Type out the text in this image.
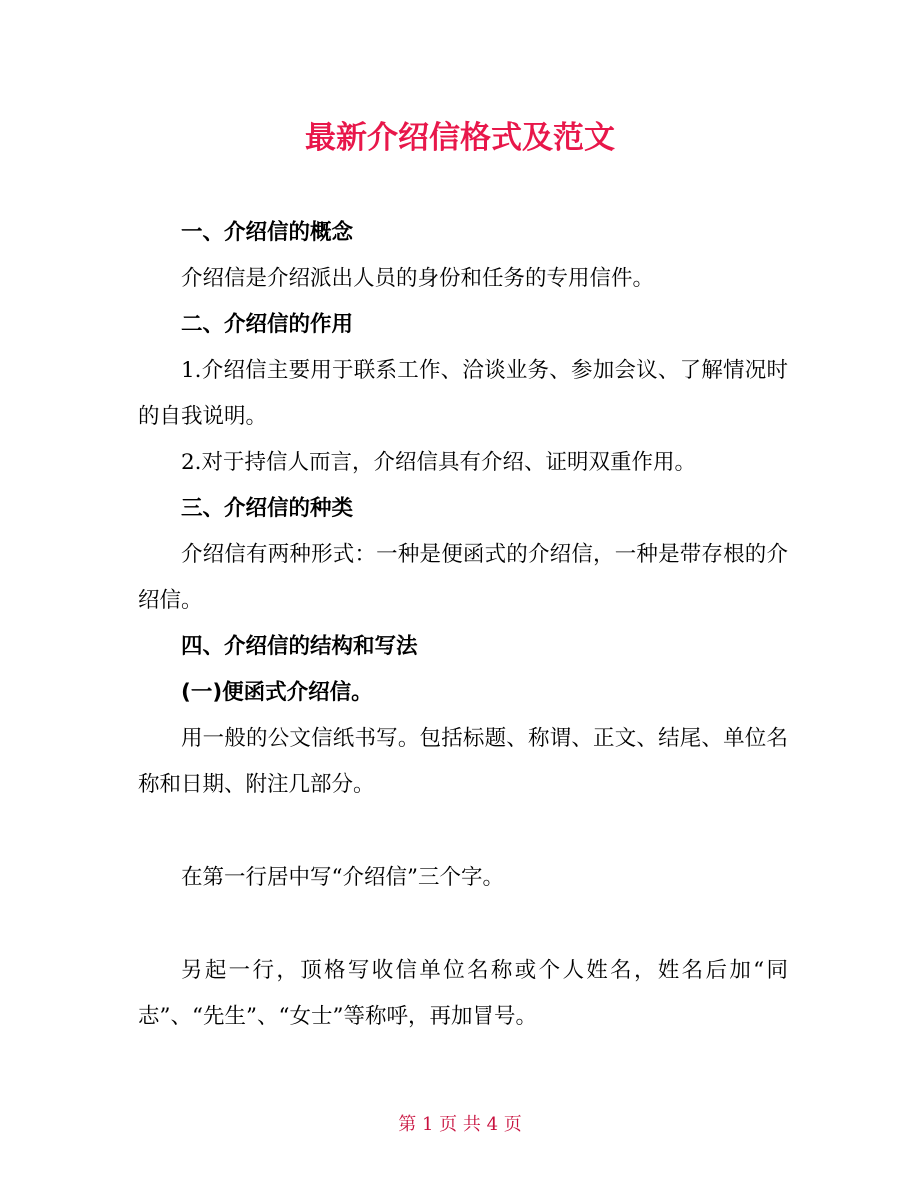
最新介绍信格式及范文

一、介绍信的概念

介绍信是介绍派出人员的身份和任务的专用信件。

二、介绍信的作用

1.介绍信主要用于联系工作、洽谈业务、参加会议、了解情况时的自我说明。

2.对于持信人而言，介绍信具有介绍、证明双重作用。

三、介绍信的种类

介绍信有两种形式：一种是便函式的介绍信，一种是带存根的介绍信。

四、介绍信的结构和写法

(一)便函式介绍信。

用一般的公文信纸书写。包括标题、称谓、正文、结尾、单位名称和日期、附注几部分。

在第一行居中写“介绍信”三个字。

另起一行，顶格写收信单位名称或个人姓名，姓名后加“同志”、“先生”、“女士”等称呼，再加冒号。

第 1 页 共 4 页
